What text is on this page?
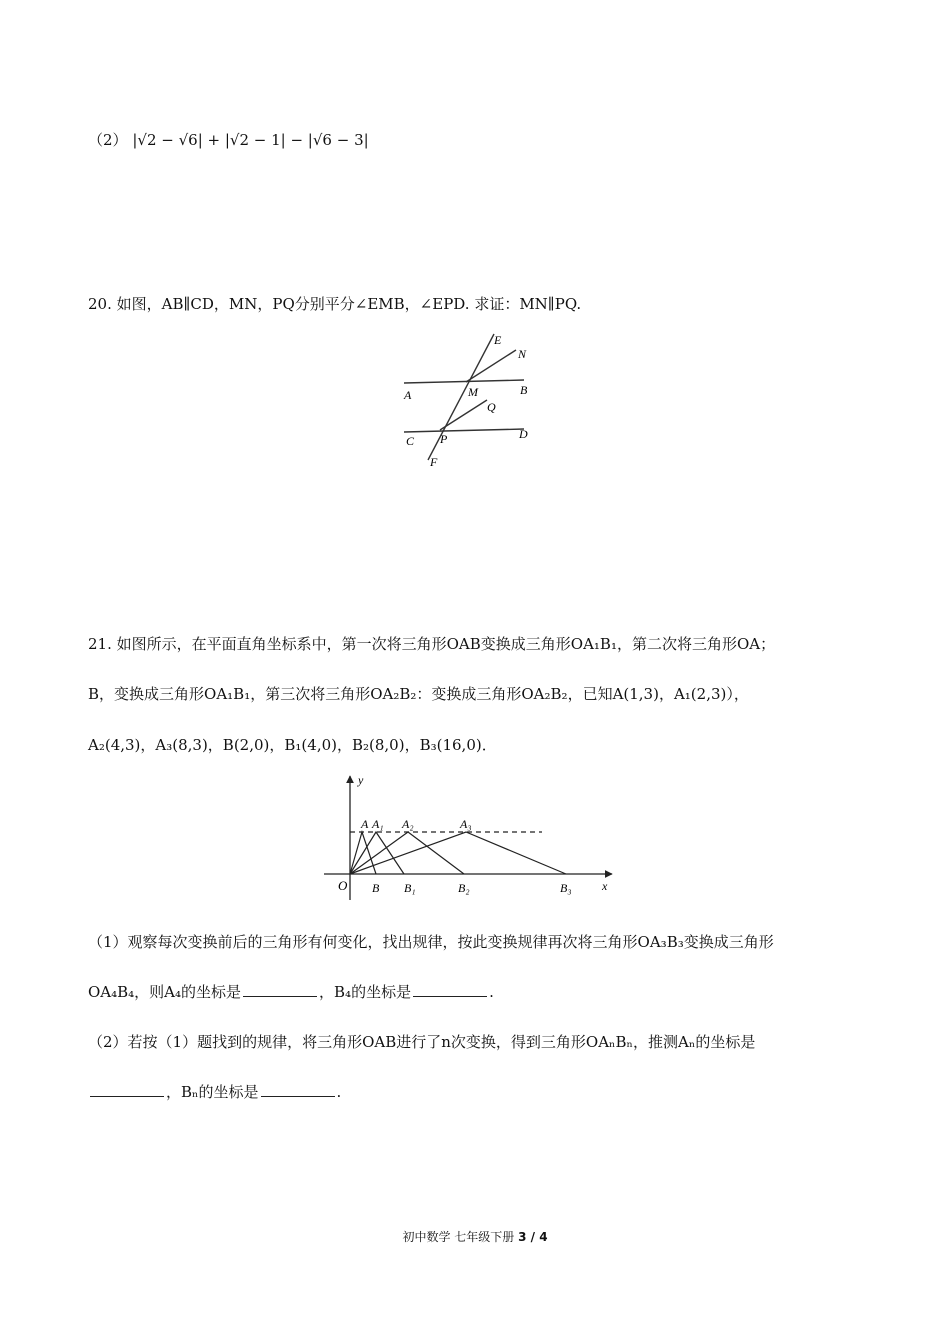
（2） |√2 − √6| + |√2 − 1| − |√6 − 3|
20. 如图，AB∥CD，MN，PQ分别平分∠EMB，∠EPD. 求证：MN∥PQ.
E
N
A	M	B
Q
C P	D
F
21. 如图所示，在平面直角坐标系中，第一次将三角形OAB变换成三角形OA₁B₁，第二次将三角形OA；
B，变换成三角形OA₁B₁，第三次将三角形OA₂B₂：变换成三角形OA₂B₂，已知A(1,3)，A₁(2,3)），
A₂(4,3)，A₃(8,3)，B(2,0)，B₁(4,0)，B₂(8,0)，B₃(16,0)．
y
x
O
A A₁ A₂	A₃
B B₁	B₂	B₃
（1）观察每次变换前后的三角形有何变化，找出规律，按此变换规律再次将三角形OA₃B₃变换成三角形
OA₄B₄，则A₄的坐标是	，B₄的坐标是	.
（2）若按（1）题找到的规律，将三角形OAB进行了n次变换，得到三角形OAₙBₙ，推测Aₙ的坐标是
，Bₙ的坐标是	.
初中数学 七年级下册 3 / 4
